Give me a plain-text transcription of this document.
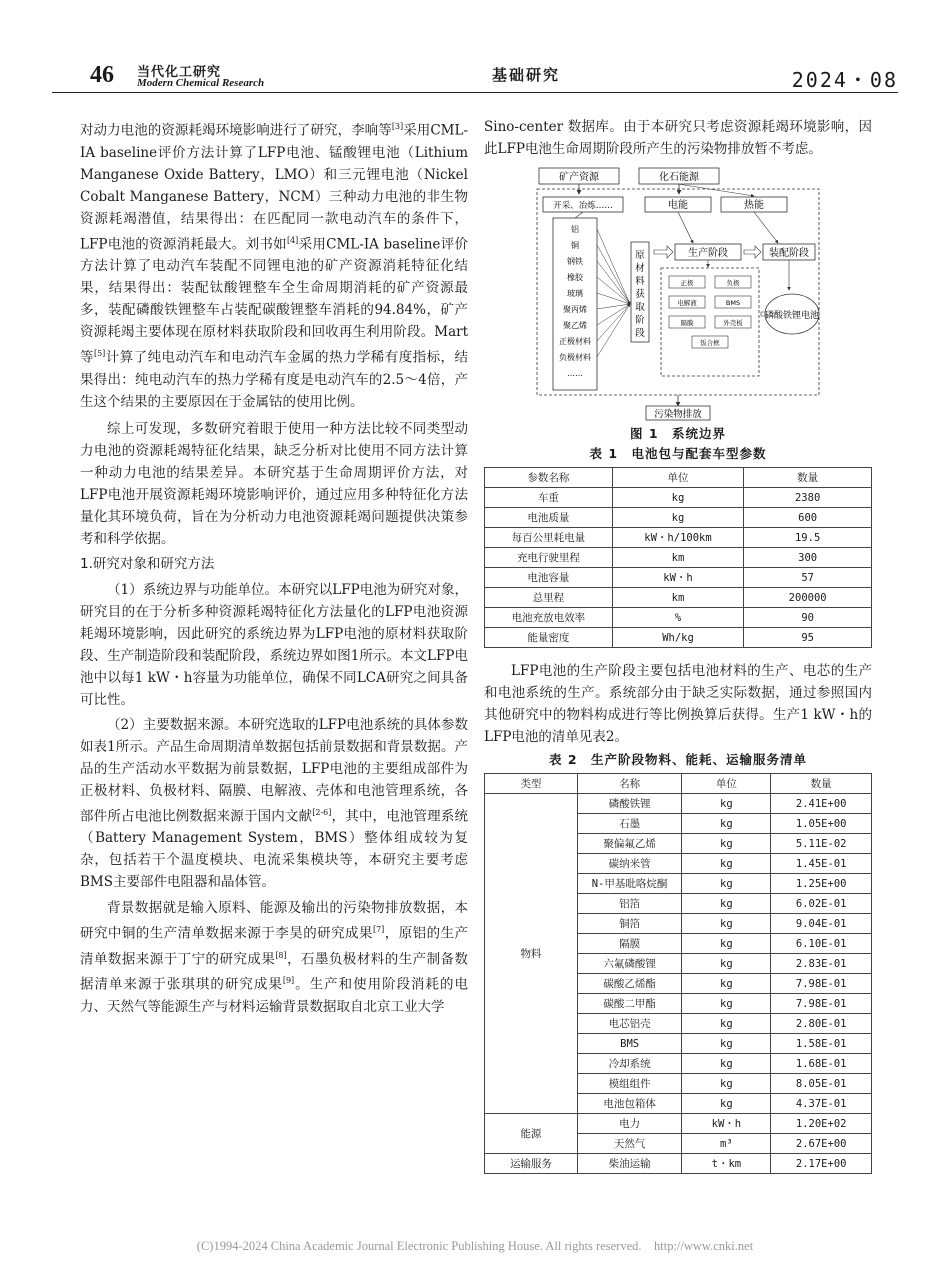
46 当代化工研究
Modern Chemical Research	基础研究	2024・08

对动力电池的资源耗竭环境影响进行了研究，李响等[3]采用CML-IA baseline评价方法计算了LFP电池、锰酸锂电池（Lithium Manganese Oxide Battery，LMO）和三元锂电池（Nickel Cobalt Manganese Battery，NCM）三种动力电池的非生物资源耗竭潜值，结果得出：在匹配同一款电动汽车的条件下，LFP电池的资源消耗最大。刘书如[4]采用CML-IA baseline评价方法计算了电动汽车装配不同锂电池的矿产资源消耗特征化结果，结果得出：装配钛酸锂整车全生命周期消耗的矿产资源最多，装配磷酸铁锂整车占装配碳酸锂整车消耗的94.84%，矿产资源耗竭主要体现在原材料获取阶段和回收再生利用阶段。Mart 等[5]计算了纯电动汽车和电动汽车金属的热力学稀有度指标，结果得出：纯电动汽车的热力学稀有度是电动汽车的2.5～4倍，产生这个结果的主要原因在于金属钴的使用比例。

综上可发现，多数研究着眼于使用一种方法比较不同类型动力电池的资源耗竭特征化结果，缺乏分析对比使用不同方法计算一种动力电池的结果差异。本研究基于生命周期评价方法，对LFP电池开展资源耗竭环境影响评价，通过应用多种特征化方法量化其环境负荷，旨在为分析动力电池资源耗竭问题提供决策参考和科学依据。

1.研究对象和研究方法

（1）系统边界与功能单位。本研究以LFP电池为研究对象，研究目的在于分析多种资源耗竭特征化方法量化的LFP电池资源耗竭环境影响，因此研究的系统边界为LFP电池的原材料获取阶段、生产制造阶段和装配阶段，系统边界如图1所示。本文LFP电池中以每1 kW・h容量为功能单位，确保不同LCA研究之间具备可比性。

（2）主要数据来源。本研究选取的LFP电池系统的具体参数如表1所示。产品生命周期清单数据包括前景数据和背景数据。产品的生产活动水平数据为前景数据，LFP电池的主要组成部件为正极材料、负极材料、隔膜、电解液、壳体和电池管理系统，各部件所占电池比例数据来源于国内文献[2-6]，其中，电池管理系统（Battery Management System，BMS）整体组成较为复杂，包括若干个温度模块、电流采集模块等，本研究主要考虑BMS主要部件电阻器和晶体管。

背景数据就是输入原料、能源及输出的污染物排放数据，本研究中铜的生产清单数据来源于李昊的研究成果[7]，原铝的生产清单数据来源于丁宁的研究成果[8]，石墨负极材料的生产制备数据清单来源于张琪琪的研究成果[9]。生产和使用阶段消耗的电力、天然气等能源生产与材料运输背景数据取自北京工业大学

Sino-center 数据库。由于本研究只考虑资源耗竭环境影响，因此LFP电池生命周期阶段所产生的污染物排放暂不考虑。

矿产资源	化石能源
开采、冶炼……	电能	热能
铝
铜
钢铁
橡胶
玻璃
聚丙烯
聚乙烯
正极材料
负极材料
……
原
材
料
获
取
阶
段
生产阶段	装配阶段
正极	负极
电解液	BMS
隔膜	外壳板
钣合框
磷酸铁锂电池
污染物排放
图 1　系统边界
表 1　电池包与配套车型参数
参数名称	单位	数量
车重	kg	2380
电池质量	kg	600
每百公里耗电量	kW・h/100km	19.5
充电行驶里程	km	300
电池容量	kW・h	57
总里程	km	200000
电池充放电效率	%	90
能量密度	Wh/kg	95

LFP电池的生产阶段主要包括电池材料的生产、电芯的生产和电池系统的生产。系统部分由于缺乏实际数据，通过参照国内其他研究中的物料构成进行等比例换算后获得。生产1 kW・h的LFP电池的清单见表2。

表 2　生产阶段物料、能耗、运输服务清单
类型	名称	单位	数量
物料	磷酸铁锂	kg	2.41E+00
	石墨	kg	1.05E+00
	聚偏氟乙烯	kg	5.11E-02
	碳纳米管	kg	1.45E-01
	N-甲基吡咯烷酮	kg	1.25E+00
	铝箔	kg	6.02E-01
	铜箔	kg	9.04E-01
	隔膜	kg	6.10E-01
	六氟磷酸锂	kg	2.83E-01
	碳酸乙烯酯	kg	7.98E-01
	碳酸二甲酯	kg	7.98E-01
	电芯铝壳	kg	2.80E-01
	BMS	kg	1.58E-01
	冷却系统	kg	1.68E-01
	模组组件	kg	8.05E-01
	电池包箱体	kg	4.37E-01
能源	电力	kW・h	1.20E+02
	天然气	m³	2.67E+00
运输服务	柴油运输	t・km	2.17E+00
(C)1994-2024 China Academic Journal Electronic Publishing House. All rights reserved.　http://www.cnki.net
